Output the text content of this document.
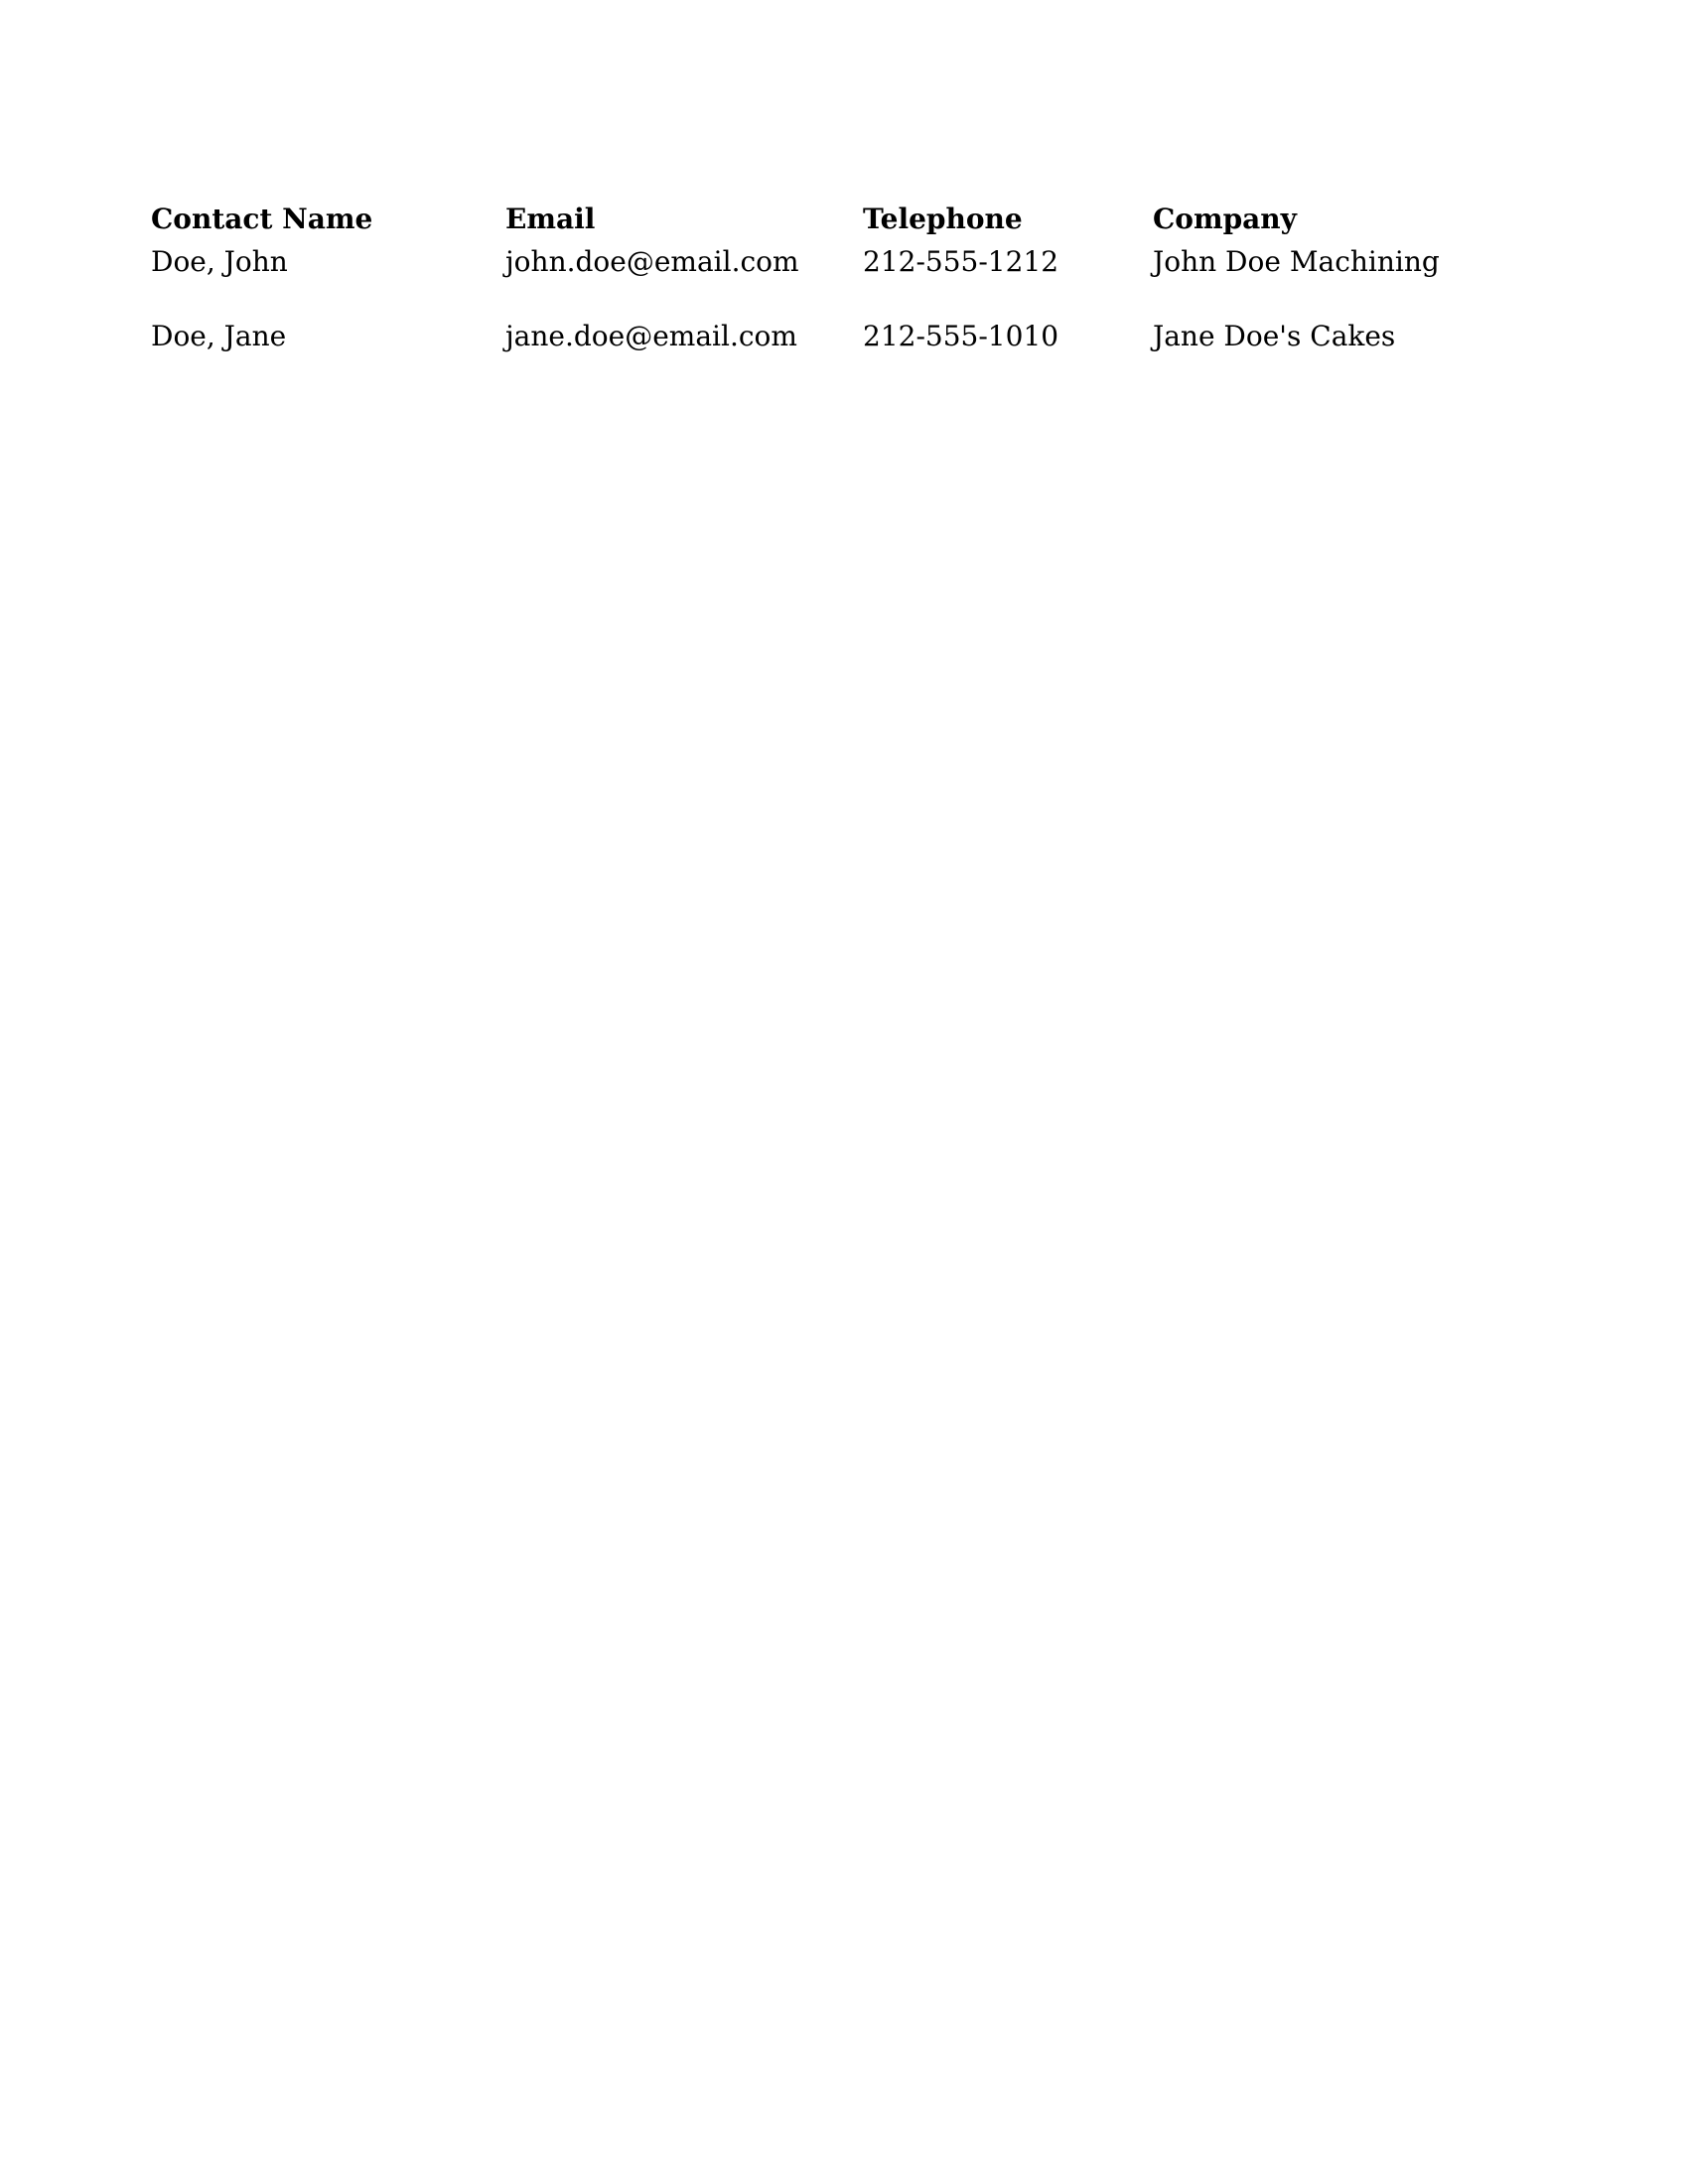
Contact Name	Email	Telephone	Company
Doe, John	john.doe@email.com	212-555-1212	John Doe Machining
Doe, Jane	jane.doe@email.com	212-555-1010	Jane Doe's Cakes
